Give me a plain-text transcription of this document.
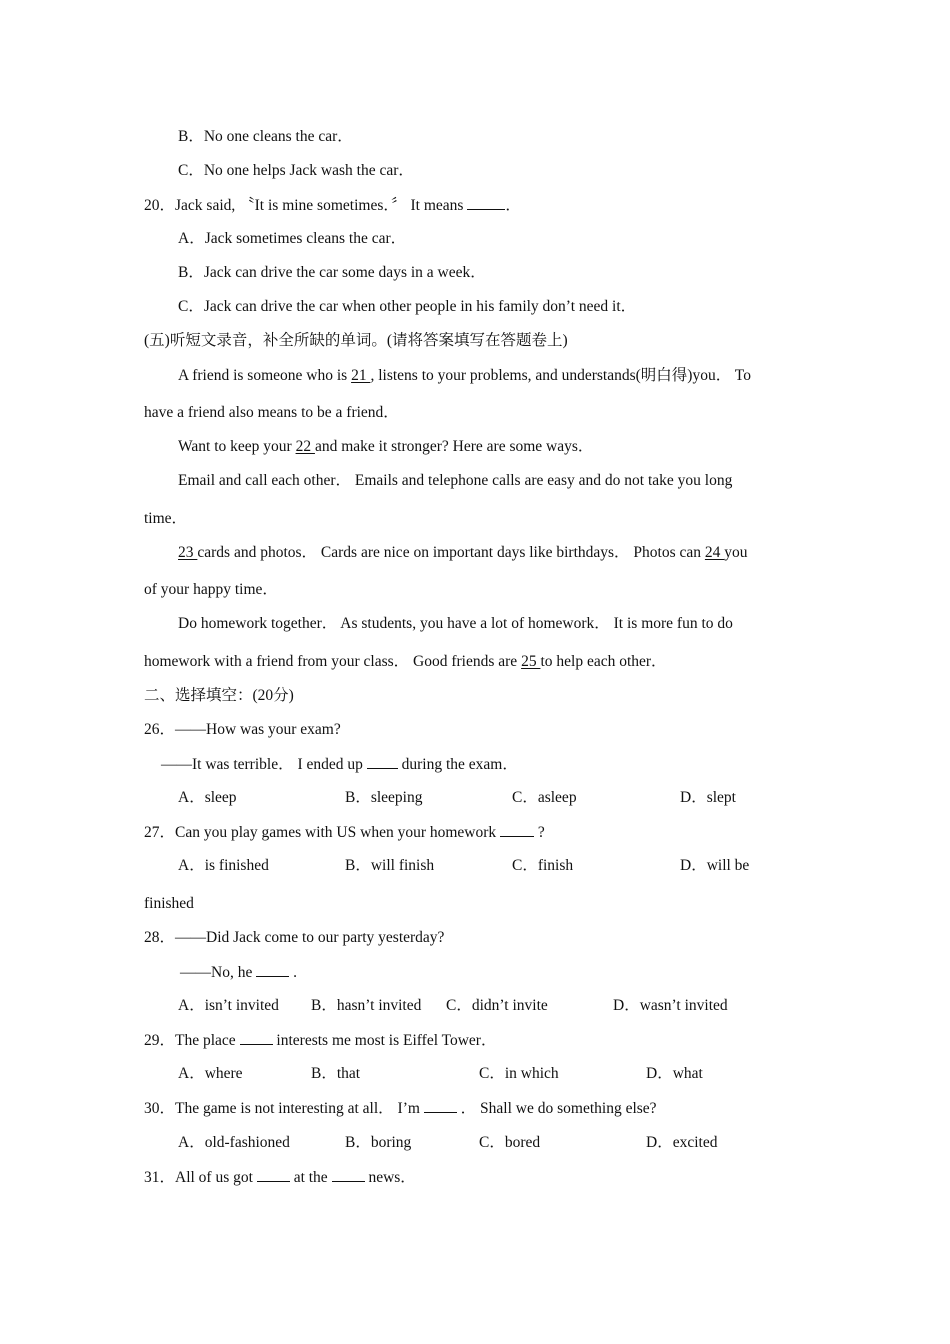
B．No one cleans the car．
C．No one helps Jack wash the car．
20．Jack said, 〝It is mine sometimes．〞 It means ．
A．Jack sometimes cleans the car．
B．Jack can drive the car some days in a week．
C．Jack can drive the car when other people in his family don’t need it．
(五)听短文录音，补全所缺的单词。(请将答案填写在答题卷上)
A friend is someone who is 21 , listens to your problems, and understands(明白得)you． To
have a friend also means to be a friend．
Want to keep your 22 and make it stronger? Here are some ways．
Email and call each other． Emails and telephone calls are easy and do not take you long
time．
23 cards and photos． Cards are nice on important days like birthdays． Photos can 24 you
of your happy time．
Do homework together． As students, you have a lot of homework． It is more fun to do
homework with a friend from your class． Good friends are 25 to help each other．
二、选择填空：(20分)
26．——How was your exam?
——It was terrible． I ended up  during the exam．
A．sleep	B．sleeping	C．asleep	D．slept
27．Can you play games with US when your homework  ?
A．is finished	B．will finish	C．finish	D．will be
finished
28．——Did Jack come to our party yesterday?
——No, he  .
A．isn’t invited B．hasn’t invited C．didn’t invite	D．wasn’t invited
29．The place  interests me most is Eiffel Tower．
A．where	B．that	C．in which	D．what
30．The game is not interesting at all． I’m  ． Shall we do something else?
A．old-fashioned	B．boring	C．bored	D．excited
31．All of us got  at the  news．
